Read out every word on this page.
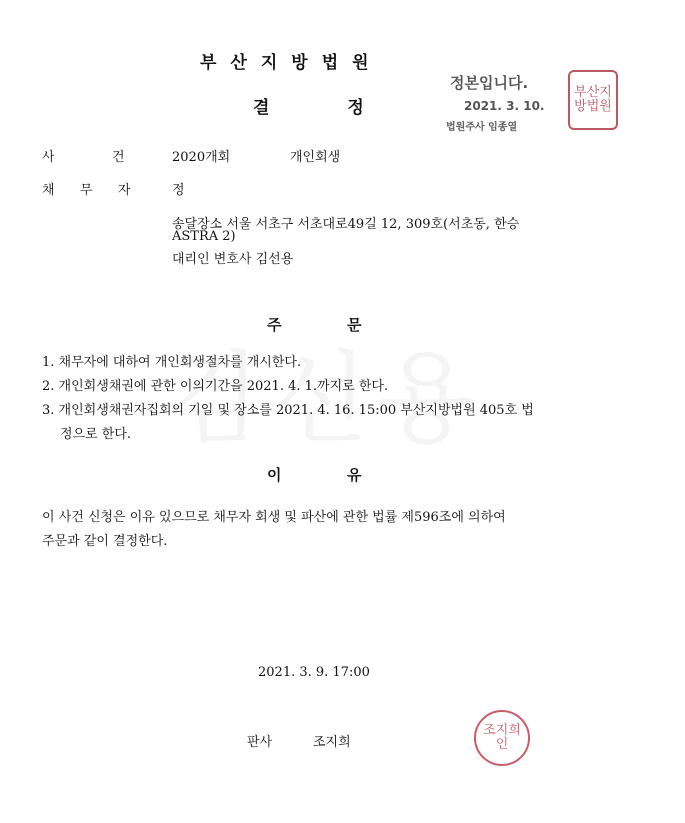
부산지방법원
결정
정본입니다.
2021. 3. 10.
법원주사 임종열
부산지방법원
사	건	2020개회	개인회생
채 무 자	정
송달장소 서울 서초구 서초대로49길 12, 309호(서초동, 한승
ASTRA 2)
대리인 변호사 김선용
주	문
1. 채무자에 대하여 개인회생절차를 개시한다.
2. 개인회생채권에 관한 이의기간을 2021. 4. 1.까지로 한다.
3. 개인회생채권자집회의 기일 및 장소를 2021. 4. 16. 15:00 부산지방법원 405호 법
정으로 한다.
이	유
이 사건 신청은 이유 있으므로 채무자 회생 및 파산에 관한 법률 제596조에 의하여
주문과 같이 결정한다.
2021. 3. 9. 17:00
판사	조지희
조지희인
